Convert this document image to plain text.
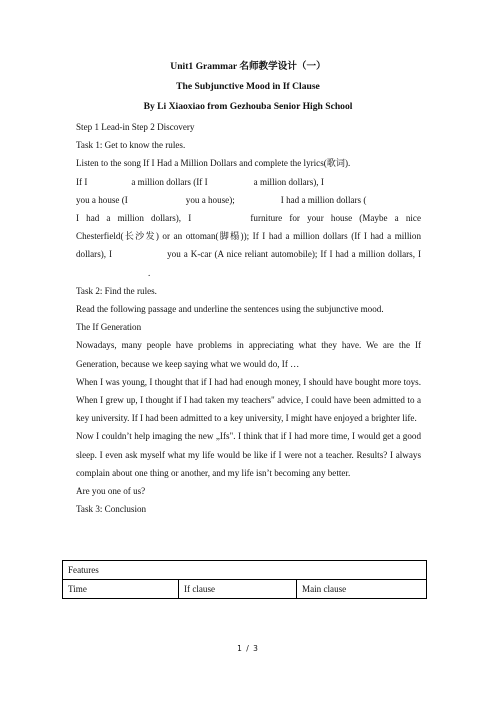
Unit1 Grammar 名师教学设计（一）
The Subjunctive Mood in If Clause
By Li Xiaoxiao from Gezhouba Senior High School

Step 1 Lead-in Step 2 Discovery

Task 1: Get to know the rules.

Listen to the song If I Had a Million Dollars and complete the lyrics(歌词).

If I	a million dollars (If I	a million dollars), I

you a house (I	you a house);	I had a million dollars (

I had a million dollars), I	furniture for your house (Maybe a nice Chesterfield(长沙发) or an ottoman(脚榻)); If I had a million dollars (If I had a million dollars), I	you a K-car (A nice reliant automobile); If I had a million dollars, I.

Task 2: Find the rules.

Read the following passage and underline the sentences using the subjunctive mood.

The If Generation

Nowadays, many people have problems in appreciating what they have. We are the If Generation, because we keep saying what we would do, If …

When I was young, I thought that if I had had enough money, I should have bought more toys. When I grew up, I thought if I had taken my teachers" advice, I could have been admitted to a key university. If I had been admitted to a key university, I might have enjoyed a brighter life.

Now I couldn’t help imaging the new „Ifs". I think that if I had more time, I would get a good sleep. I even ask myself what my life would be like if I were not a teacher. Results? I always complain about one thing or another, and my life isn’t becoming any better.

Are you one of us?

Task 3: Conclusion

Features
Time	If clause	Main clause
1 / 3
